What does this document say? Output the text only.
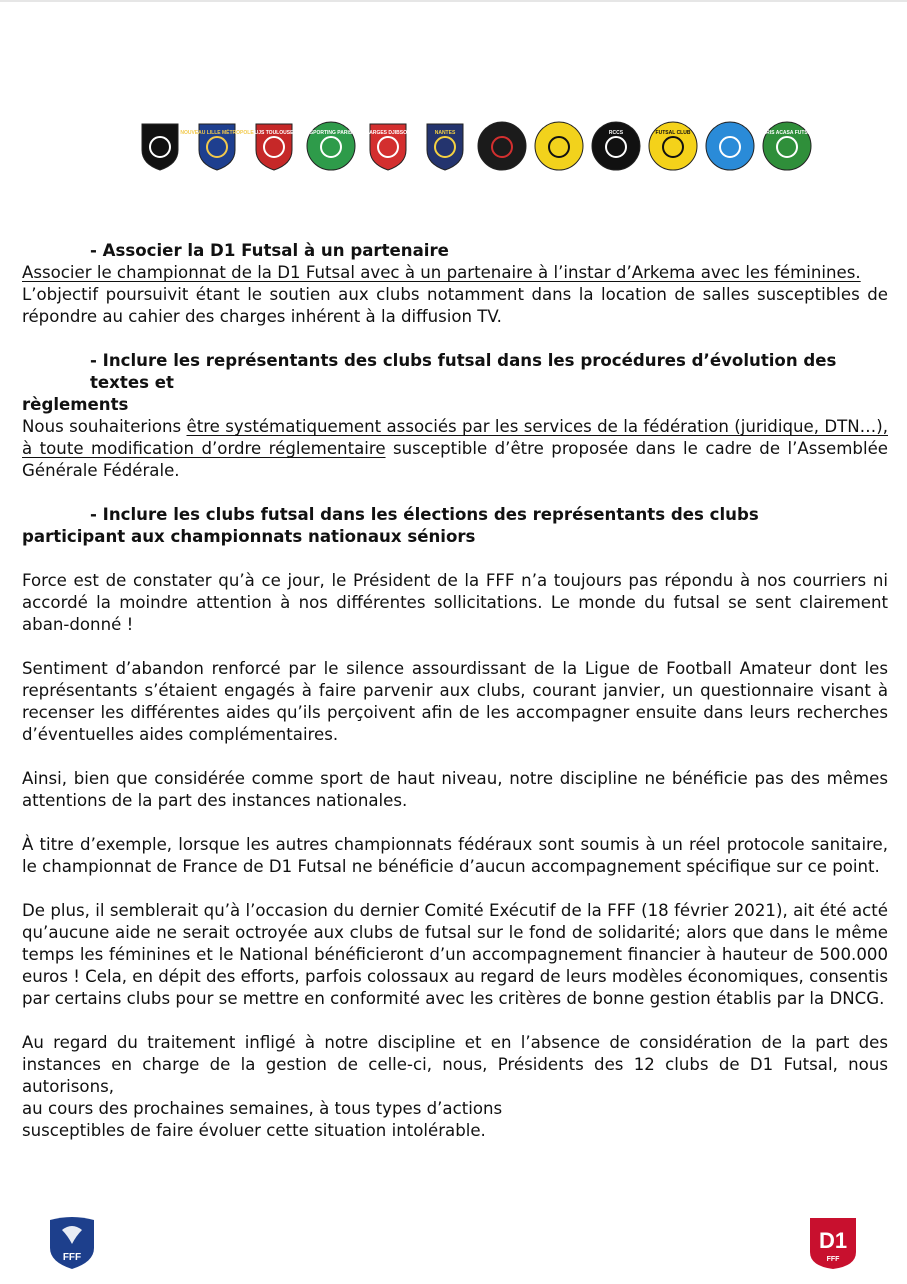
NOUVEAU LILLE MÉTROPOLE UJS TOULOUSE	SPORTING PARIS	GARGES DJIBSON	NANTES	RCCS	FUTSAL CLUB	PARIS ACASA FUTSAL

- Associer la D1 Futsal à un partenaire

Associer le championnat de la D1 Futsal avec à un partenaire à l’instar d’Arkema avec les féminines.

L’objectif poursuivit étant le soutien aux clubs notamment dans la location de salles susceptibles de répondre au cahier des charges inhérent à la diffusion TV.

- Inclure les représentants des clubs futsal dans les procédures d’évolution des textes et

règlements

Nous souhaiterions être systématiquement associés par les services de la fédération (juridique, DTN…), à toute modification d’ordre réglementaire susceptible d’être proposée dans le cadre de l’Assemblée Générale Fédérale.

- Inclure les clubs futsal dans les élections des représentants des clubs

participant aux championnats nationaux séniors

Force est de constater qu’à ce jour, le Président de la FFF n’a toujours pas répondu à nos courriers ni accordé la moindre attention à nos différentes sollicitations. Le monde du futsal se sent clairement aban-donné !

Sentiment d’abandon renforcé par le silence assourdissant de la Ligue de Football Amateur dont les représentants s’étaient engagés à faire parvenir aux clubs, courant janvier, un questionnaire visant à recenser les différentes aides qu’ils perçoivent afin de les accompagner ensuite dans leurs recherches d’éventuelles aides complémentaires.

Ainsi, bien que considérée comme sport de haut niveau, notre discipline ne bénéficie pas des mêmes attentions de la part des instances nationales.

À titre d’exemple, lorsque les autres championnats fédéraux sont soumis à un réel protocole sanitaire, le championnat de France de D1 Futsal ne bénéficie d’aucun accompagnement spécifique sur ce point.

De plus, il semblerait qu’à l’occasion du dernier Comité Exécutif de la FFF (18 février 2021), ait été acté qu’aucune aide ne serait octroyée aux clubs de futsal sur le fond de solidarité; alors que dans le même temps les féminines et le National bénéficieront d’un accompagnement financier à hauteur de 500.000 euros ! Cela, en dépit des efforts, parfois colossaux au regard de leurs modèles économiques, consentis par certains clubs pour se mettre en conformité avec les critères de bonne gestion établis par la DNCG.

Au regard du traitement infligé à notre discipline et en l’absence de considération de la part des instances en charge de la gestion de celle-ci, nous, Présidents des 12 clubs de D1 Futsal, nous autorisons,

au cours des prochaines semaines, à tous types d’actions

susceptibles de faire évoluer cette situation intolérable.

FFF
D1
FFF
